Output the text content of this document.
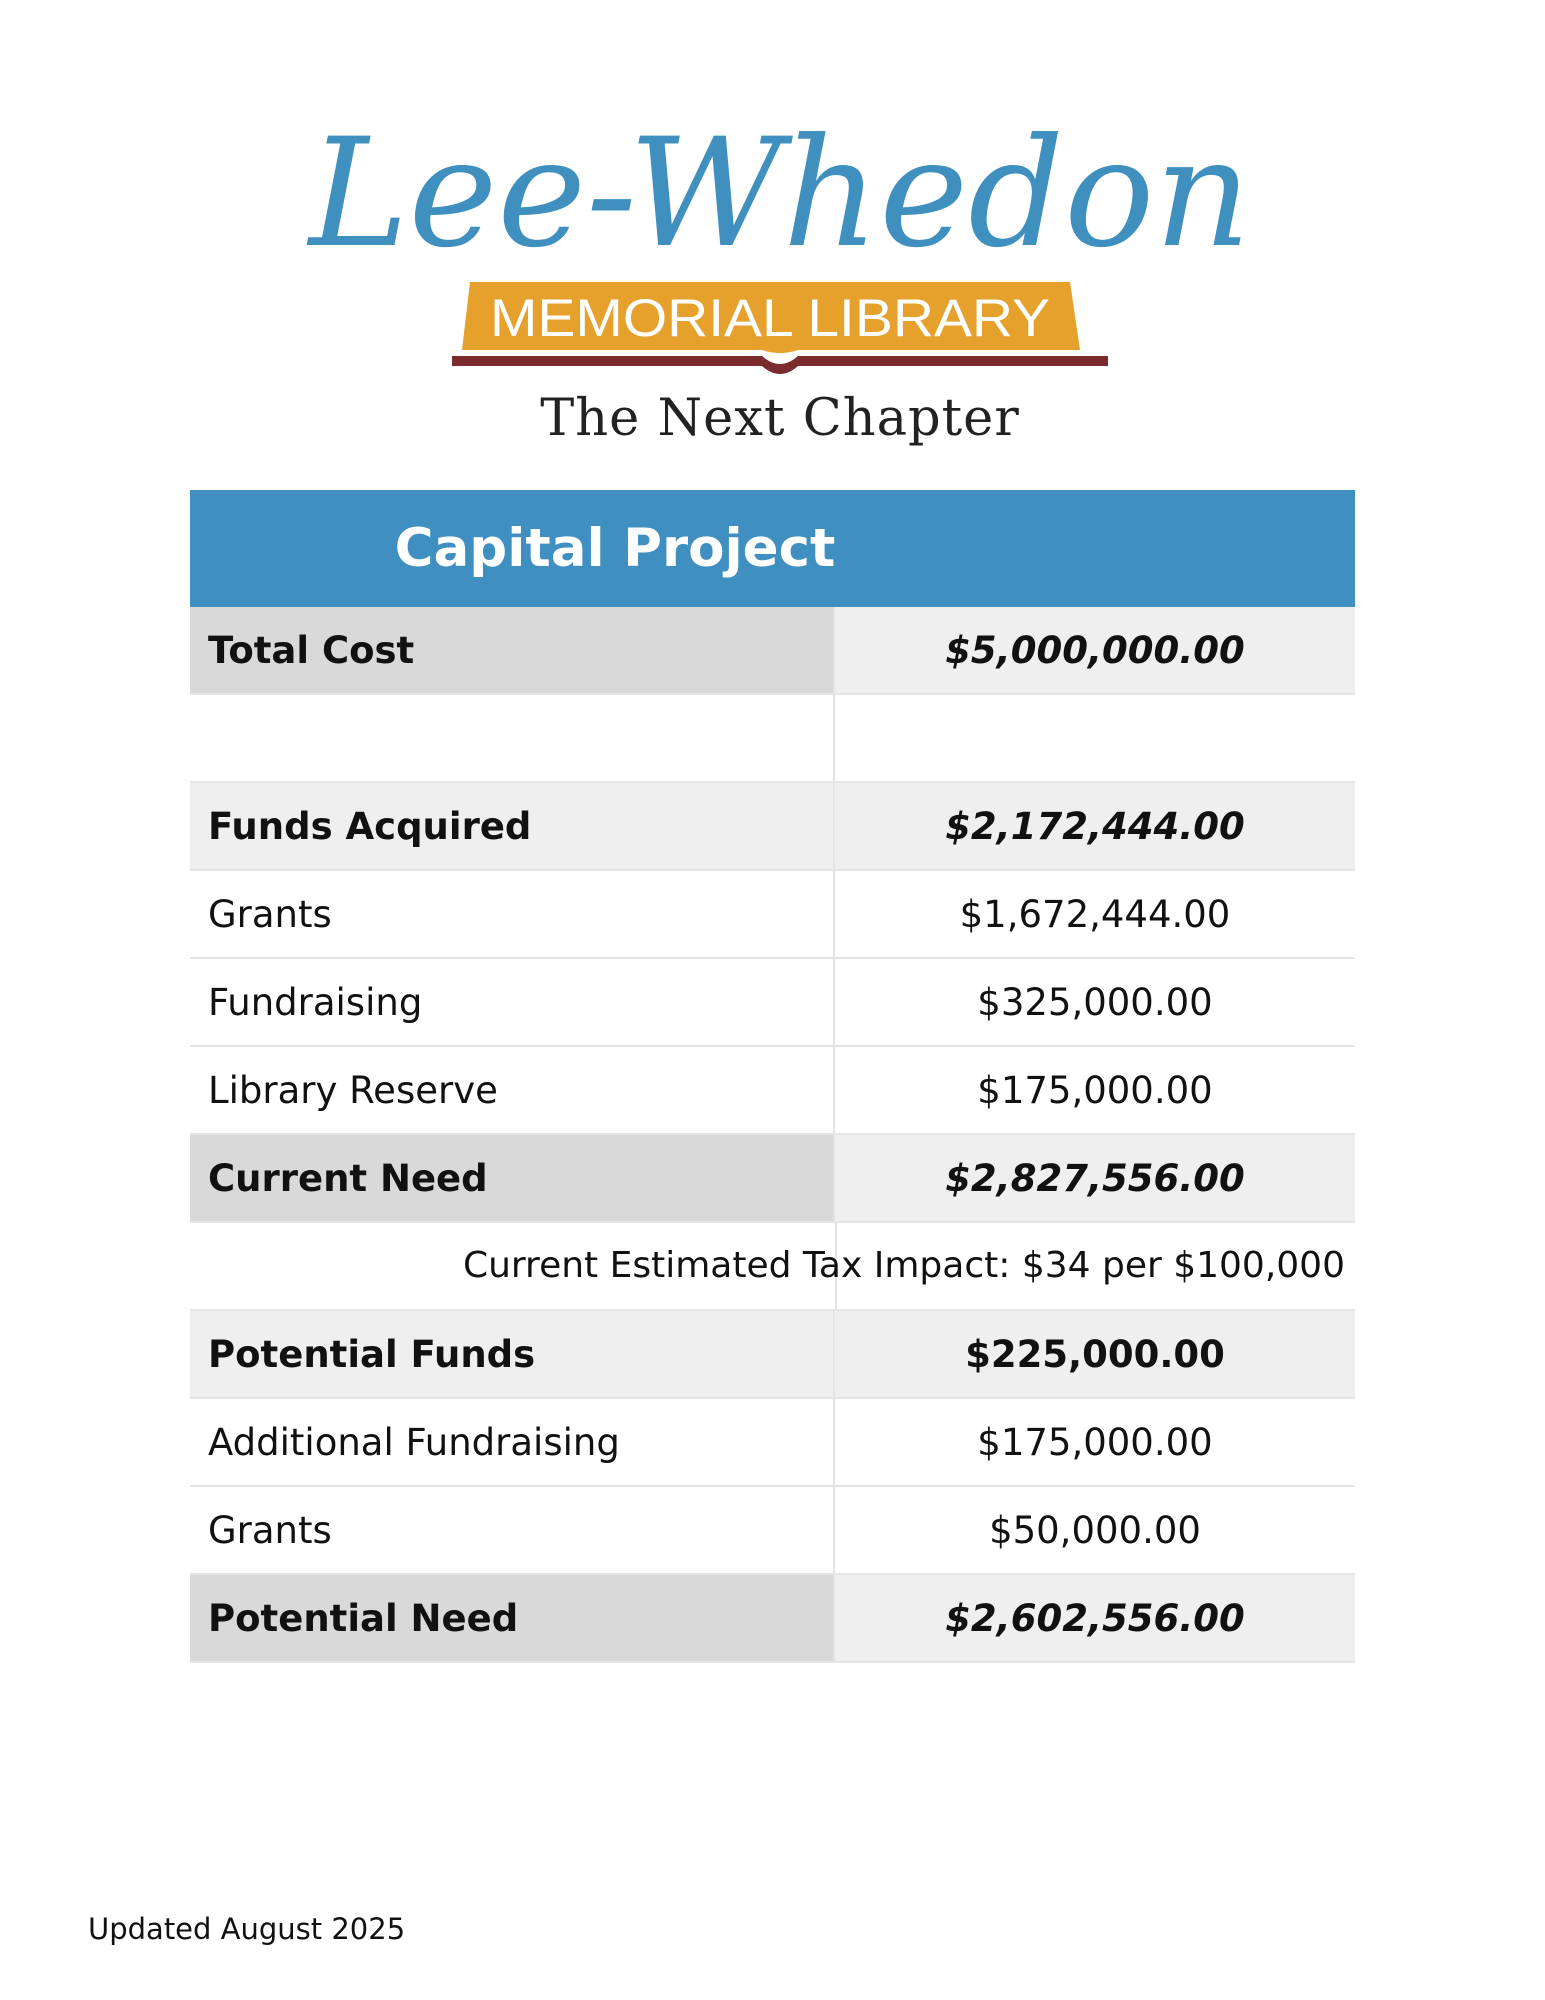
Lee-Whedon
MEMORIAL LIBRARY
The Next Chapter
Capital Project
Total Cost	$5,000,000.00
Funds Acquired	$2,172,444.00
Grants	$1,672,444.00
Fundraising	$325,000.00
Library Reserve	$175,000.00
Current Need	$2,827,556.00
Current Estimated Tax Impact: $34 per $100,000
Potential Funds	$225,000.00
Additional Fundraising	$175,000.00
Grants	$50,000.00
Potential Need	$2,602,556.00
Updated August 2025
